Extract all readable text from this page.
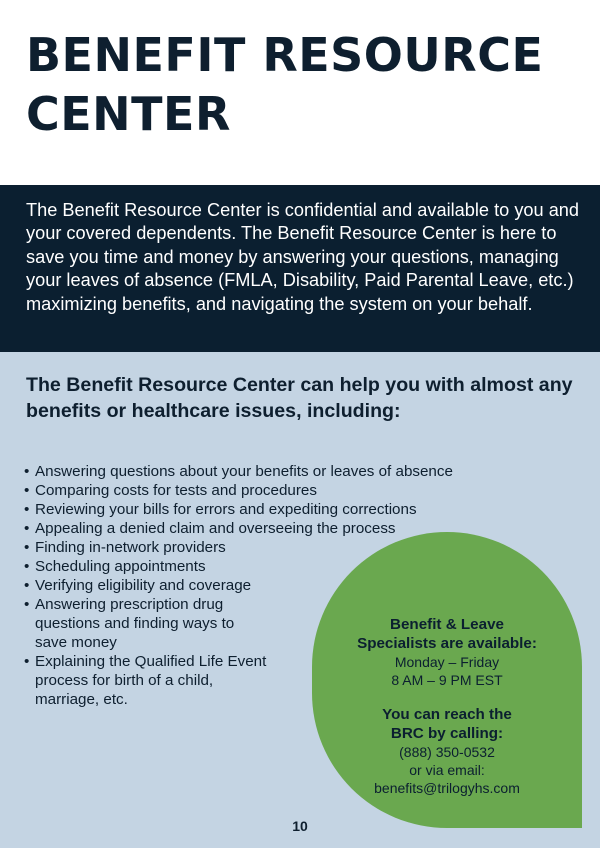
BENEFIT RESOURCE
CENTER

The Benefit Resource Center is confidential and available to you and your covered dependents. The Benefit Resource Center is here to save you time and money by answering your questions, managing your leaves of absence (FMLA, Disability, Paid Parental Leave, etc.) maximizing benefits, and navigating the system on your behalf.

The Benefit Resource Center can help you with almost any benefits or healthcare issues, including:
• Answering questions about your benefits or leaves of absence
• Comparing costs for tests and procedures
• Reviewing your bills for errors and expediting corrections
• Appealing a denied claim and overseeing the process
• Finding in-network providers
• Scheduling appointments
• Verifying eligibility and coverage
• Answering prescription drug questions and finding ways to save money
• Explaining the Qualified Life Event process for birth of a child, marriage, etc.
Benefit & Leave Specialists are available:
Monday – Friday
8 AM – 9 PM EST
You can reach the BRC by calling:
(888) 350-0532
or via email:
benefits@trilogyhs.com
10
